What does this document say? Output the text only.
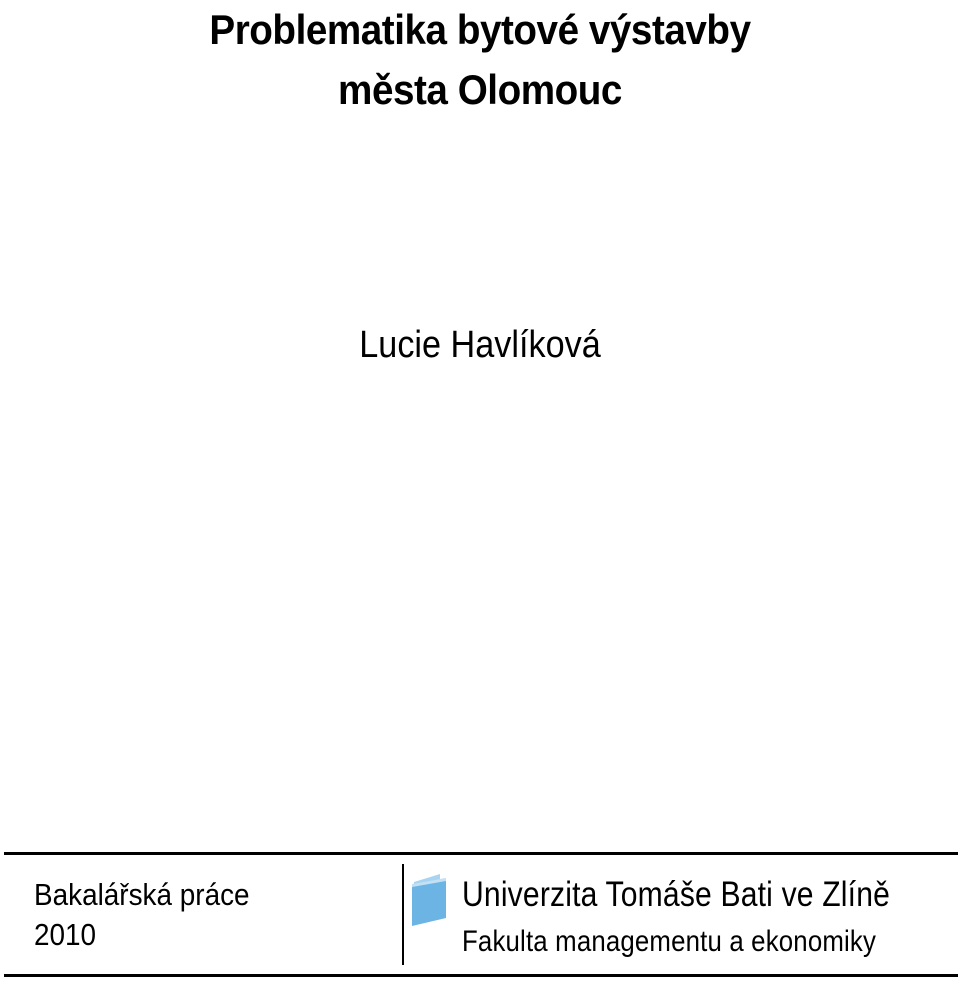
Problematika bytové výstavby
města Olomouc
Lucie Havlíková
Bakalářská práce
2010
Univerzita Tomáše Bati ve Zlíně
Fakulta managementu a ekonomiky
